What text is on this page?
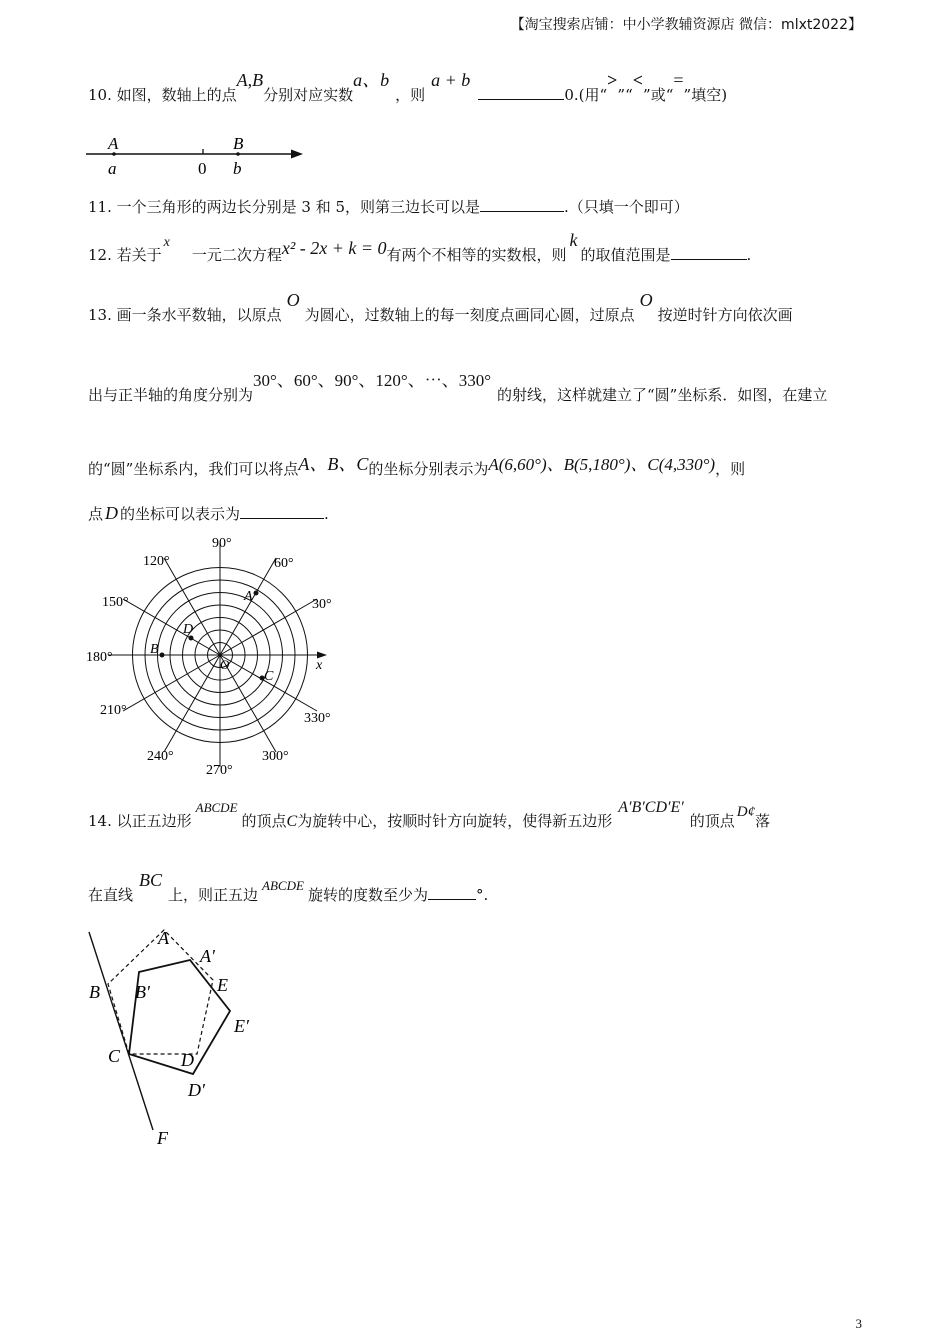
【淘宝搜索店铺：中小学教辅资源店 微信：mlxt2022】
10. 如图，数轴上的点A,B分别对应实数a、b，则a + b0.(用“>”“<”或“=”填空)
A	B
a	0 b
11. 一个三角形的两边长分别是 3 和 5，则第三边长可以是	.（只填一个即可）
12. 若关于x一元二次方程x² - 2x + k = 0有两个不相等的实数根，则k的取值范围是	.
13. 画一条水平数轴，以原点O为圆心，过数轴上的每一刻度点画同心圆，过原点O按逆时针方向依次画
出与正半轴的角度分别为30°、60°、90°、120°、⋯、330°的射线，这样就建立了“圆”坐标系．如图，在建立
的“圆”坐标系内，我们可以将点A、B、C的坐标分别表示为A(6,60°)、B(5,180°)、C(4,330°)，则
点 D 的坐标可以表示为	.
x
O
A
B
C
D
90°
60°
30°
120°
150°
180°
210°
240°
270°
300°
330°
14. 以正五边形ABCDE的顶点C为旋转中心，按顺时针方向旋转，使得新五边形A′B′CD′E′的顶点 D¢落
在直线BC上，则正五边ABCDE旋转的度数至少为	°.
A
A′
B B′	E
E′
C	D
D′
F
3
